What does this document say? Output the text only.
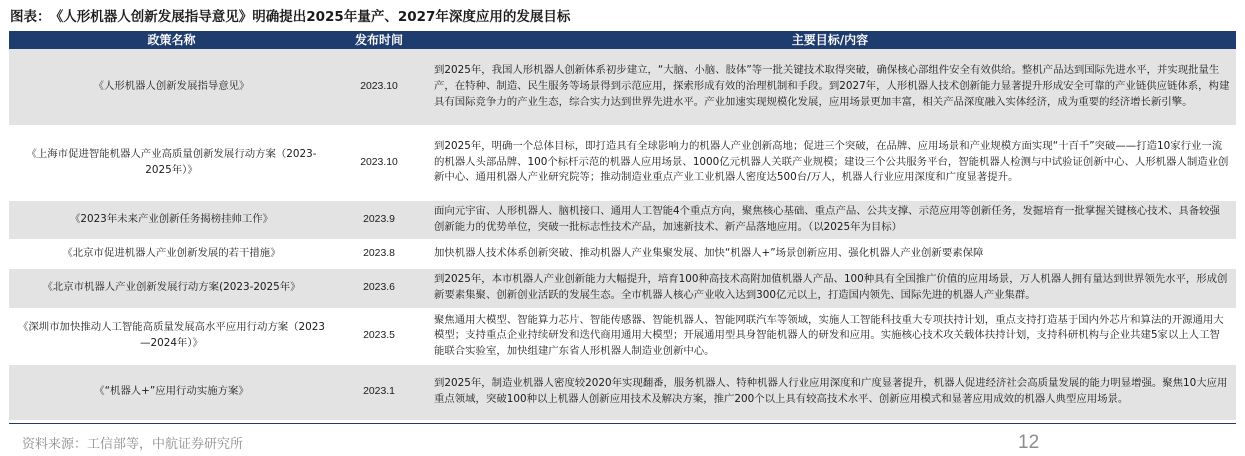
图表： 《人形机器人创新发展指导意见》明确提出2025年量产、2027年深度应用的发展目标
政策名称	发布时间	主要目标/内容
《人形机器人创新发展指导意见》	2023.10	到2025年，我国人形机器人创新体系初步建立，“大脑、小脑、肢体”等一批关键技术取得突破，确保核心部组件安全有效供给。整机产品达到国际先进水平，并实现批量生产，在特种、制造、民生服务等场景得到示范应用，探索形成有效的治理机制和手段。到2027年，人形机器人技术创新能力显著提升形成安全可靠的产业链供应链体系，构建具有国际竞争力的产业生态，综合实力达到世界先进水平。产业加速实现规模化发展，应用场景更加丰富，相关产品深度融入实体经济，成为重要的经济增长新引擎。
《上海市促进智能机器人产业高质量创新发展行动方案（2023-2025年）》	2023.10	到2025年，明确一个总体目标，即打造具有全球影响力的机器人产业创新高地；促进三个突破，在品牌、应用场景和产业规模方面实现“十百千”突破——打造10家行业一流的机器人头部品牌、100个标杆示范的机器人应用场景、1000亿元机器人关联产业规模；建设三个公共服务平台，智能机器人检测与中试验证创新中心、人形机器人制造业创新中心、通用机器人产业研究院等；推动制造业重点产业工业机器人密度达500台/万人，机器人行业应用深度和广度显著提升。
《2023年未来产业创新任务揭榜挂帅工作》	2023.9	面向元宇宙、人形机器人、脑机接口、通用人工智能4个重点方向，聚焦核心基础、重点产品、公共支撑、示范应用等创新任务，发掘培育一批掌握关键核心技术、具备较强创新能力的优势单位，突破一批标志性技术产品，加速新技术、新产品落地应用。（以2025年为目标）
《北京市促进机器人产业创新发展的若干措施》	2023.8	加快机器人技术体系创新突破、推动机器人产业集聚发展、加快“机器人+”场景创新应用、强化机器人产业创新要素保障
《北京市机器人产业创新发展行动方案(2023-2025年》	2023.6	到2025年，本市机器人产业创新能力大幅提升，培育100种高技术高附加值机器人产品、100种具有全国推广价值的应用场景，万人机器人拥有量达到世界领先水平，形成创新要素集聚、创新创业活跃的发展生态。全市机器人核心产业收入达到300亿元以上，打造国内领先、国际先进的机器人产业集群。
《深圳市加快推动人工智能高质量发展高水平应用行动方案（2023—2024年）》	2023.5	聚焦通用大模型、智能算力芯片、智能传感器、智能机器人、智能网联汽车等领域，实施人工智能科技重大专项扶持计划，重点支持打造基于国内外芯片和算法的开源通用大模型；支持重点企业持续研发和迭代商用通用大模型；开展通用型具身智能机器人的研发和应用。实施核心技术攻关载体扶持计划，支持科研机构与企业共建5家以上人工智能联合实验室，加快组建广东省人形机器人制造业创新中心。
《“机器人+”应用行动实施方案》	2023.1	到2025年，制造业机器人密度较2020年实现翻番，服务机器人、特种机器人行业应用深度和广度显著提升，机器人促进经济社会高质量发展的能力明显增强。聚焦10大应用重点领域，突破100种以上机器人创新应用技术及解决方案，推广200个以上具有较高技术水平、创新应用模式和显著应用成效的机器人典型应用场景。
资料来源：工信部等，中航证券研究所	12
